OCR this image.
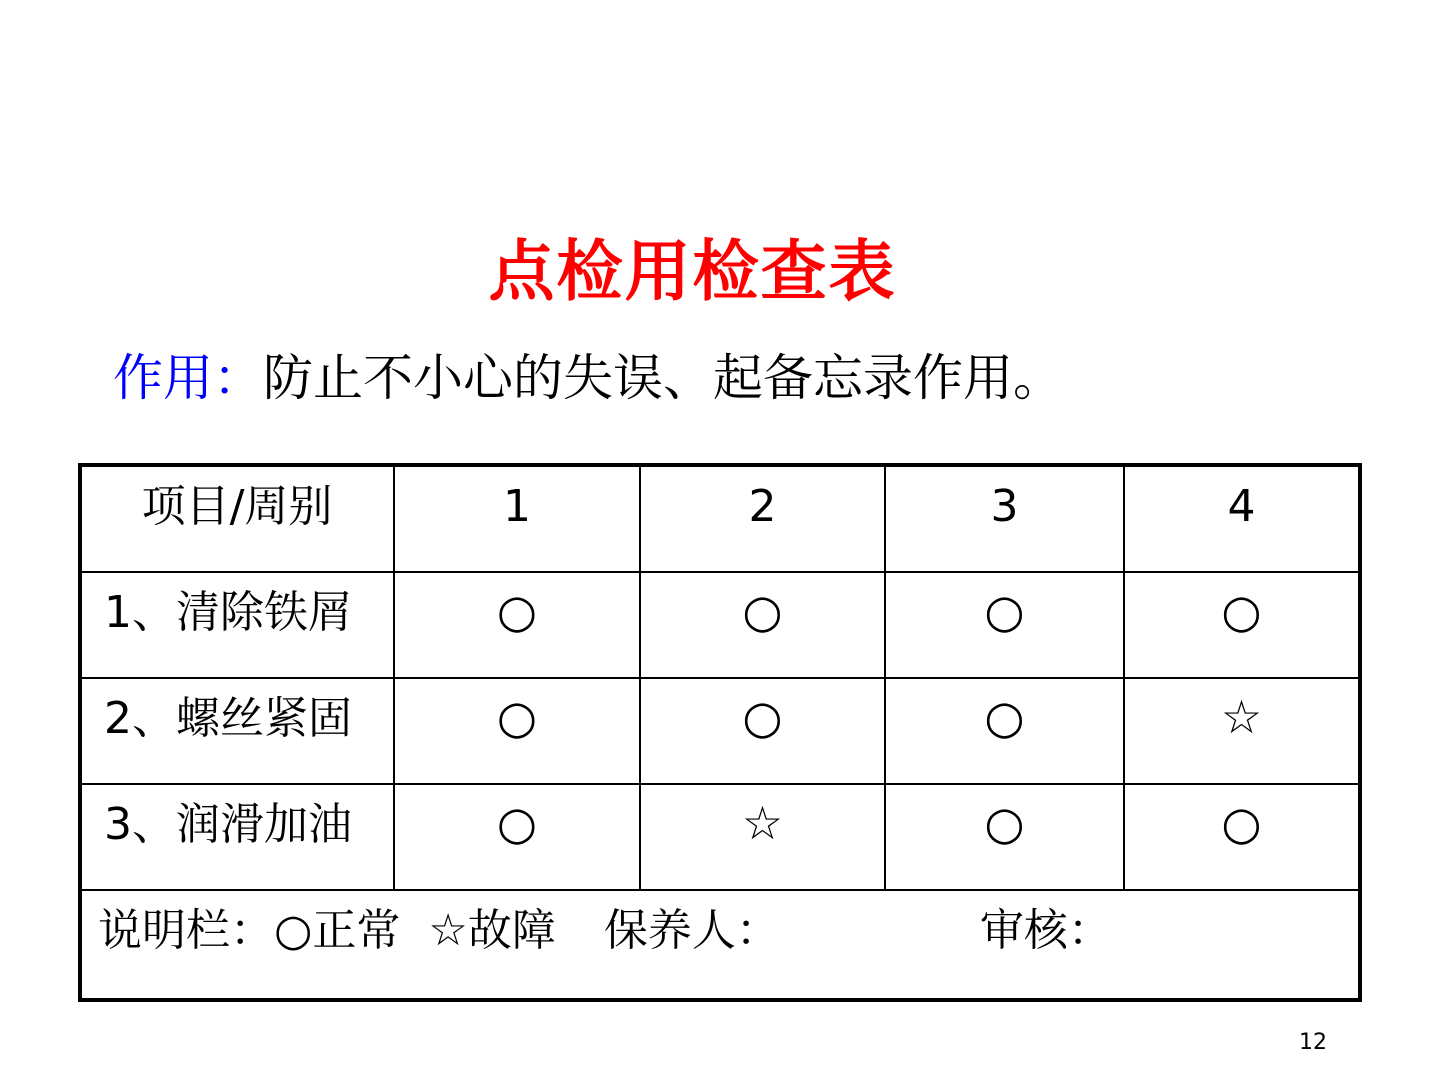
点检用检查表
作用：防止不小心的失误、起备忘录作用。
项目/周别	1	2	3	4
1、清除铁屑	○	○	○	○
2、螺丝紧固	○	○	○	☆
3、润滑加油	○	☆	○	○
说明栏：○正常 ☆故障 保养人： 审核：				
12
